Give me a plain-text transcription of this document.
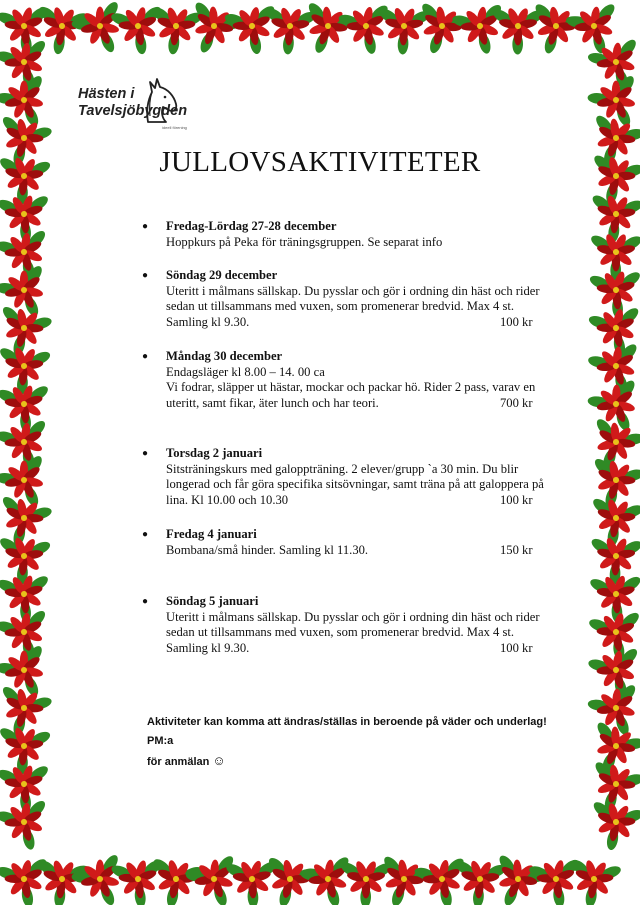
Hästen i
Tavelsjöbygden
ideell förening
JULLOVSAKTIVITETER
● Fredag-Lördag 27-28 december
Hoppkurs på Peka för träningsgruppen. Se separat info
● Söndag 29 december
Uteritt i målmans sällskap. Du pysslar och gör i ordning din häst och rider
sedan ut tillsammans med vuxen, som promenerar bredvid. Max 4 st.
Samling kl 9.30.	100 kr
● Måndag 30 december
Endagsläger kl 8.00 – 14. 00 ca
Vi fodrar, släpper ut hästar, mockar och packar hö. Rider 2 pass, varav en
uteritt, samt fikar, äter lunch och har teori.	700 kr
● Torsdag 2 januari
Sitsträningskurs med galoppträning. 2 elever/grupp `a 30 min. Du blir
longerad och får göra specifika sitsövningar, samt träna på att galoppera på
lina. Kl 10.00 och 10.30	100 kr
● Fredag 4 januari
Bombana/små hinder. Samling kl 11.30.	150 kr
● Söndag 5 januari
Uteritt i målmans sällskap. Du pysslar och gör i ordning din häst och rider
sedan ut tillsammans med vuxen, som promenerar bredvid. Max 4 st.
Samling kl 9.30.	100 kr
Aktiviteter kan komma att ändras/ställas in beroende på väder och underlag! PM:a
för anmälan ☺
